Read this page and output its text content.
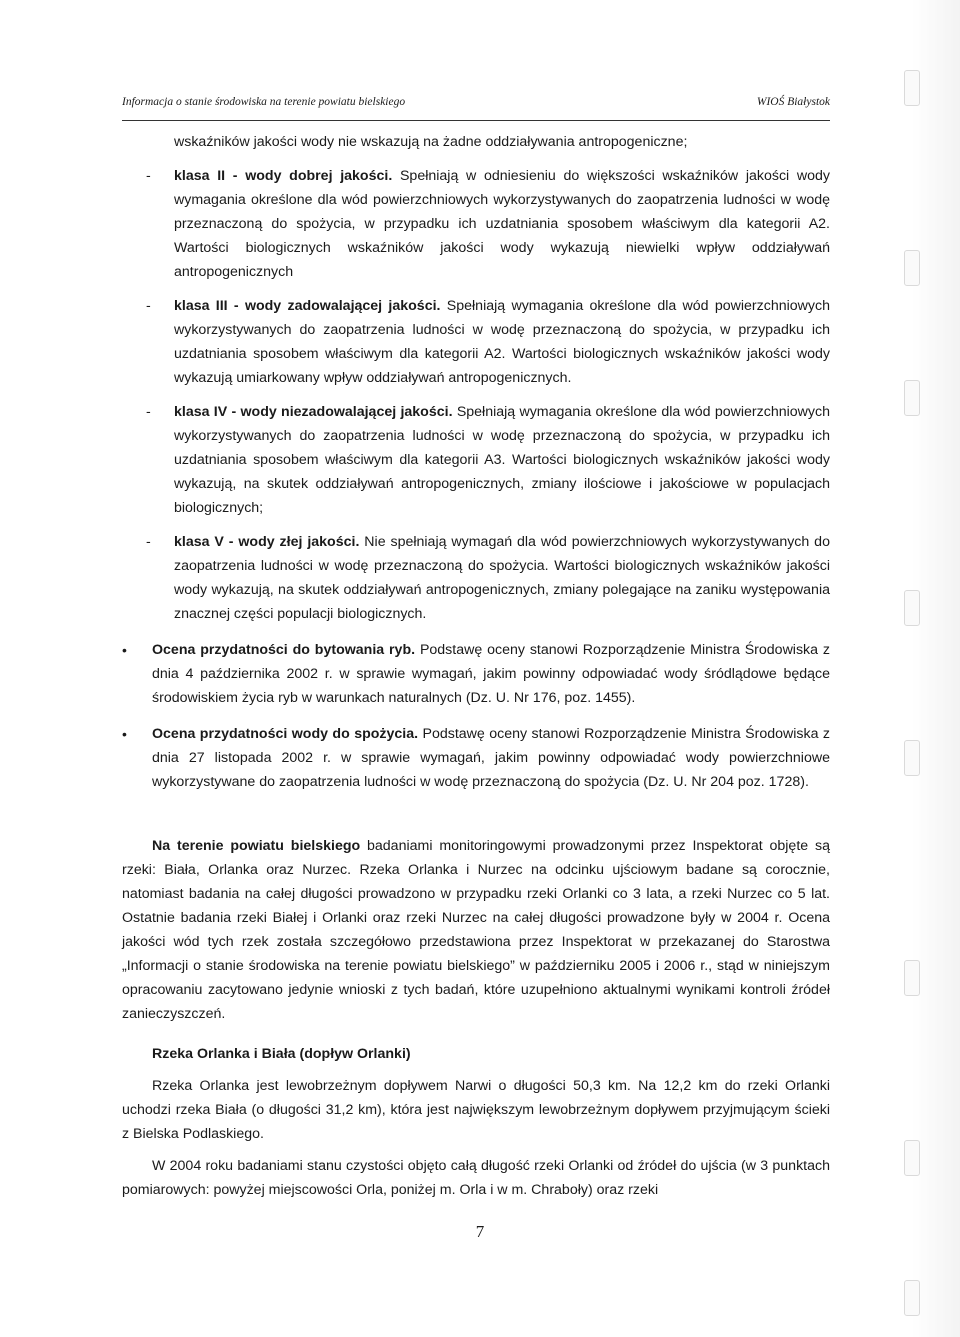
Informacja o stanie środowiska na terenie powiatu bielskiego	WIOŚ Białystok

wskaźników jakości wody nie wskazują na żadne oddziaływania antropogeniczne;

- klasa II - wody dobrej jakości. Spełniają w odniesieniu do większości wskaźników jakości wody wymagania określone dla wód powierzchniowych wykorzystywanych do zaopatrzenia ludności w wodę przeznaczoną do spożycia, w przypadku ich uzdatniania sposobem właściwym dla kategorii A2. Wartości biologicznych wskaźników jakości wody wykazują niewielki wpływ oddziaływań antropogenicznych

- klasa III - wody zadowalającej jakości. Spełniają wymagania określone dla wód powierzchniowych wykorzystywanych do zaopatrzenia ludności w wodę przeznaczoną do spożycia, w przypadku ich uzdatniania sposobem właściwym dla kategorii A2. Wartości biologicznych wskaźników jakości wody wykazują umiarkowany wpływ oddziaływań antropogenicznych.

- klasa IV - wody niezadowalającej jakości. Spełniają wymagania określone dla wód powierzchniowych wykorzystywanych do zaopatrzenia ludności w wodę przeznaczoną do spożycia, w przypadku ich uzdatniania sposobem właściwym dla kategorii A3. Wartości biologicznych wskaźników jakości wody wykazują, na skutek oddziaływań antropogenicznych, zmiany ilościowe i jakościowe w populacjach biologicznych;

- klasa V - wody złej jakości. Nie spełniają wymagań dla wód powierzchniowych wykorzystywanych do zaopatrzenia ludności w wodę przeznaczoną do spożycia. Wartości biologicznych wskaźników jakości wody wykazują, na skutek oddziaływań antropogenicznych, zmiany polegające na zaniku występowania znacznej części populacji biologicznych.

• Ocena przydatności do bytowania ryb. Podstawę oceny stanowi Rozporządzenie Ministra Środowiska z dnia 4 października 2002 r. w sprawie wymagań, jakim powinny odpowiadać wody śródlądowe będące środowiskiem życia ryb w warunkach naturalnych (Dz. U. Nr 176, poz. 1455).

• Ocena przydatności wody do spożycia. Podstawę oceny stanowi Rozporządzenie Ministra Środowiska z dnia 27 listopada 2002 r. w sprawie wymagań, jakim powinny odpowiadać wody powierzchniowe wykorzystywane do zaopatrzenia ludności w wodę przeznaczoną do spożycia (Dz. U. Nr 204 poz. 1728).

Na terenie powiatu bielskiego badaniami monitoringowymi prowadzonymi przez Inspektorat objęte są rzeki: Biała, Orlanka oraz Nurzec. Rzeka Orlanka i Nurzec na odcinku ujściowym badane są corocznie, natomiast badania na całej długości prowadzono w przypadku rzeki Orlanki co 3 lata, a rzeki Nurzec co 5 lat. Ostatnie badania rzeki Białej i Orlanki oraz rzeki Nurzec na całej długości prowadzone były w 2004 r. Ocena jakości wód tych rzek została szczegółowo przedstawiona przez Inspektorat w przekazanej do Starostwa „Informacji o stanie środowiska na terenie powiatu bielskiego” w październiku 2005 i 2006 r., stąd w niniejszym opracowaniu zacytowano jedynie wnioski z tych badań, które uzupełniono aktualnymi wynikami kontroli źródeł zanieczyszczeń.

Rzeka Orlanka i Biała (dopływ Orlanki)

Rzeka Orlanka jest lewobrzeżnym dopływem Narwi o długości 50,3 km. Na 12,2 km do rzeki Orlanki uchodzi rzeka Biała (o długości 31,2 km), która jest największym lewobrzeżnym dopływem przyjmującym ścieki z Bielska Podlaskiego.

W 2004 roku badaniami stanu czystości objęto całą długość rzeki Orlanki od źródeł do ujścia (w 3 punktach pomiarowych: powyżej miejscowości Orla, poniżej m. Orla i w m. Chraboły) oraz rzeki

7
